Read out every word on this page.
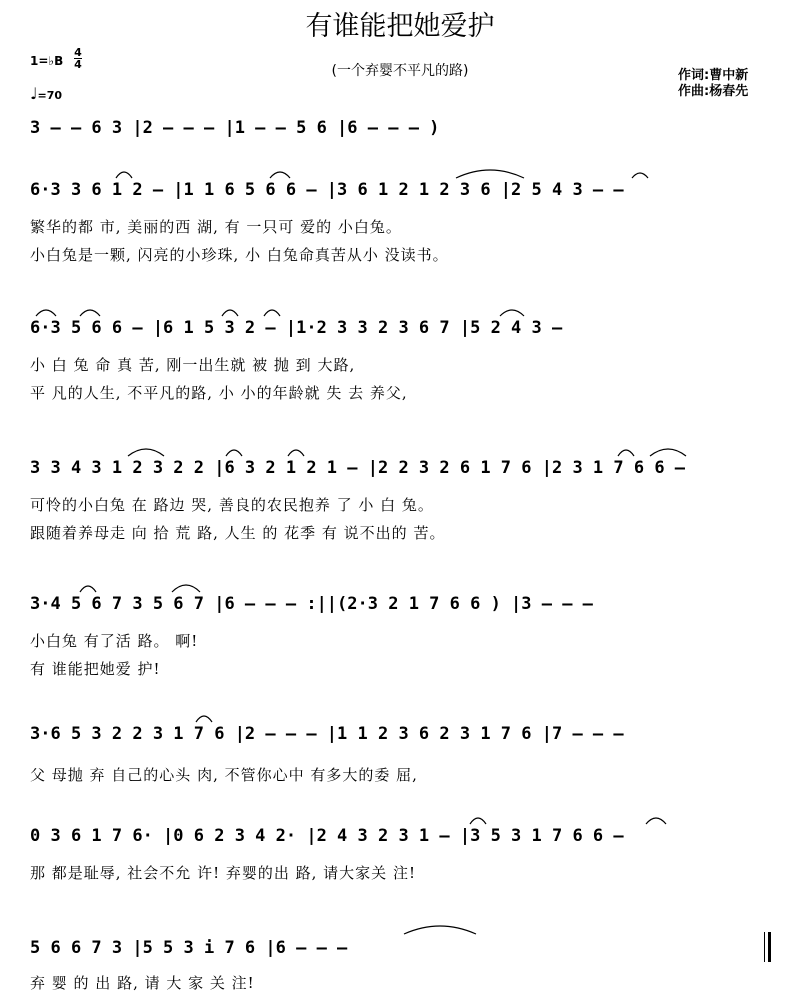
有谁能把她爱护
(一个弃婴不平凡的路)	作词:曹中新
作曲:杨春先
1=♭B
4
4
♩=70
3 – – 6 3 |2 – – – |1 – – 5 6 |6 – – – )
6·3 3 6 1 2 – |1 1 6 5 6 6 – |3 6 1 2 1 2 3 6 |2 5 4 3 – –
繁华的都 市, 美丽的西 湖, 有 一只可 爱的 小白兔。
小白兔是一颗, 闪亮的小珍珠, 小 白兔命真苦从小 没读书。
6·3 5 6 6 – |6 1 5 3 2 – |1·2 3 3 2 3 6 7 |5 2 4 3 –
小 白 兔 命 真 苦, 刚一出生就 被 抛 到 大路,
平 凡的人生, 不平凡的路, 小 小的年龄就 失 去 养父,
3 3 4 3 1 2 3 2 2 |6 3 2 1 2 1 – |2 2 3 2 6 1 7 6 |2 3 1 7 6 6 –
可怜的小白兔 在 路边 哭, 善良的农民抱养 了 小 白 兔。
跟随着养母走 向 拾 荒 路, 人生 的 花季 有 说不出的 苦。
3·4 5 6 7 3 5 6 7 |6 – – – :||(2·3 2 1 7 6 6 ) |3 – – –
小白兔 有了活 路。 啊!
有 谁能把她爱 护!
3·6 5 3 2 2 3 1 7 6 |2 – – – |1 1 2 3 6 2 3 1 7 6 |7 – – –
父 母抛 弃 自己的心头 肉, 不管你心中 有多大的委 屈,
0 3 6 1 7 6· |0 6 2 3 4 2· |2 4 3 2 3 1 – |3 5 3 1 7 6 6 –
那 都是耻辱, 社会不允 许! 弃婴的出 路, 请大家关 注!
5 6 6 7 3 |5 5 3 i 7 6 |6 – – –
弃 婴 的 出 路, 请 大 家 关 注!
